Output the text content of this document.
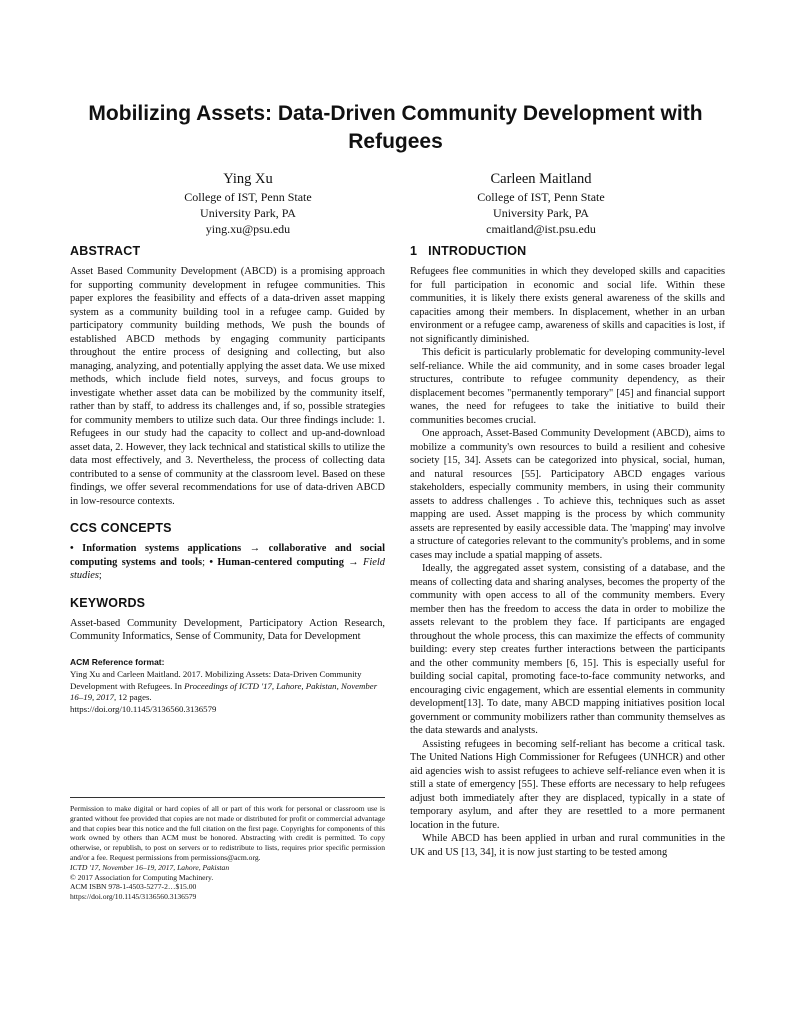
Mobilizing Assets: Data-Driven Community Development with Refugees
Ying Xu
College of IST, Penn State
University Park, PA
ying.xu@psu.edu
Carleen Maitland
College of IST, Penn State
University Park, PA
cmaitland@ist.psu.edu
ABSTRACT

Asset Based Community Development (ABCD) is a promising approach for supporting community development in refugee communities. This paper explores the feasibility and effects of a data-driven asset mapping system as a community building tool in a refugee camp. Guided by participatory community building methods, We push the bounds of established ABCD methods by engaging community participants throughout the entire process of designing and collecting, but also managing, analyzing, and potentially applying the asset data. We use mixed methods, which include field notes, surveys, and focus groups to investigate whether asset data can be mobilized by the community itself, rather than by staff, to address its challenges and, if so, possible strategies for community members to utilize such data. Our three findings include: 1. Refugees in our study had the capacity to collect and up-and-download asset data, 2. However, they lack technical and statistical skills to utilize the data most effectively, and 3. Nevertheless, the process of collecting data contributed to a sense of community at the classroom level. Based on these findings, we offer several recommendations for use of data-driven ABCD in low-resource contexts.

CCS CONCEPTS

• Information systems applications → collaborative and social computing systems and tools; • Human-centered computing → Field studies;

KEYWORDS

Asset-based Community Development, Participatory Action Research, Community Informatics, Sense of Community, Data for Development

ACM Reference format:

Ying Xu and Carleen Maitland. 2017. Mobilizing Assets: Data-Driven Community Development with Refugees. In Proceedings of ICTD '17, Lahore, Pakistan, November 16–19, 2017, 12 pages.
https://doi.org/10.1145/3136560.3136579

Permission to make digital or hard copies of all or part of this work for personal or classroom use is granted without fee provided that copies are not made or distributed for profit or commercial advantage and that copies bear this notice and the full citation on the first page. Copyrights for components of this work owned by others than ACM must be honored. Abstracting with credit is permitted. To copy otherwise, or republish, to post on servers or to redistribute to lists, requires prior specific permission and/or a fee. Request permissions from permissions@acm.org.

ICTD '17, November 16–19, 2017, Lahore, Pakistan

© 2017 Association for Computing Machinery.

ACM ISBN 978-1-4503-5277-2…$15.00

https://doi.org/10.1145/3136560.3136579

1   INTRODUCTION

Refugees flee communities in which they developed skills and capacities for full participation in economic and social life. Within these communities, it is likely there exists general awareness of the skills and capacities among their members. In displacement, whether in an urban environment or a refugee camp, awareness of skills and capacities is lost, if not significantly diminished.

This deficit is particularly problematic for developing community-level self-reliance. While the aid community, and in some cases broader legal structures, contribute to refugee community dependency, as their displacement becomes "permanently temporary" [45] and financial support wanes, the need for refugees to take the initiative to build their communities becomes crucial.

One approach, Asset-Based Community Development (ABCD), aims to mobilize a community's own resources to build a resilient and cohesive society [15, 34]. Assets can be categorized into physical, social, human, and natural resources [55]. Participatory ABCD engages various stakeholders, especially community members, in using their community assets to address challenges . To achieve this, techniques such as asset mapping are used. Asset mapping is the process by which community assets are represented by easily accessible data. The 'mapping' may involve a structure of categories relevant to the community's problems, and in some cases may include a spatial mapping of assets.

Ideally, the aggregated asset system, consisting of a database, and the means of collecting data and sharing analyses, becomes the property of the community with open access to all of the community members. Every member then has the freedom to access the data in order to mobilize the assets relevant to the problem they face. If participants are engaged throughout the whole process, this can maximize the effects of community building: every step creates further interactions between the participants and the other community members [6, 15]. This is especially useful for building social capital, promoting face-to-face community networks, and encouraging civic engagement, which are essential elements in community development[13]. To date, many ABCD mapping initiatives position local government or community mobilizers rather than community themselves as the data stewards and analysts.

Assisting refugees in becoming self-reliant has become a critical task. The United Nations High Commissioner for Refugees (UNHCR) and other aid agencies wish to assist refugees to achieve self-reliance even when it is still a state of emergency [55]. These efforts are necessary to help refugees adjust both immediately after they are displaced, typically in a state of temporary asylum, and after they are resettled to a more permanent location in the future.

While ABCD has been applied in urban and rural communities in the UK and US [13, 34], it is now just starting to be tested among
